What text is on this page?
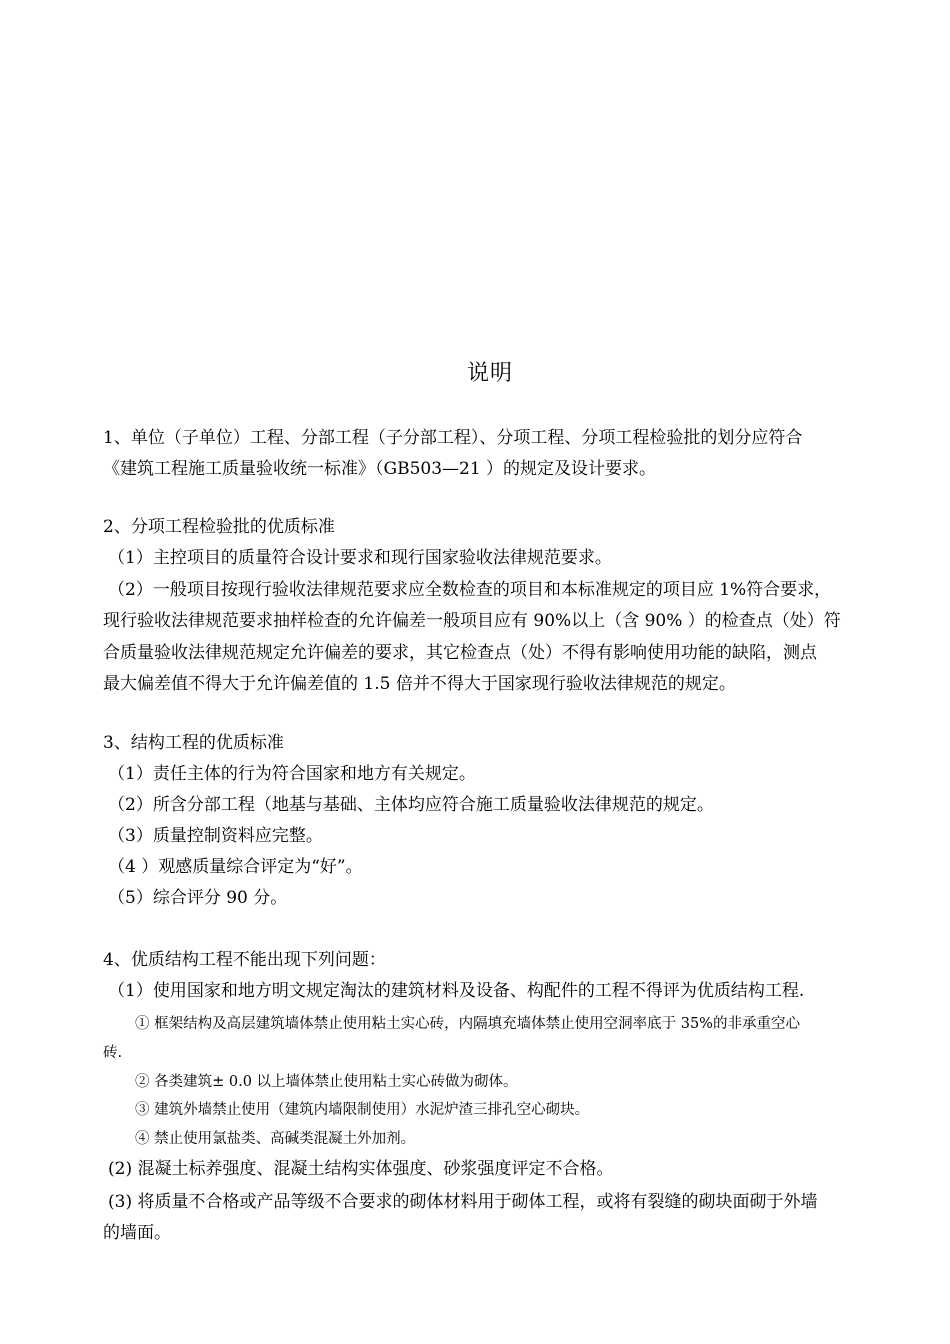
说明
1、单位（子单位）工程、分部工程（子分部工程）、分项工程、分项工程检验批的划分应符合
《建筑工程施工质量验收统一标准》（GB503—21 ）的规定及设计要求。
2、分项工程检验批的优质标准
（1）主控项目的质量符合设计要求和现行国家验收法律规范要求。
（2）一般项目按现行验收法律规范要求应全数检查的项目和本标准规定的项目应 1%符合要求，
现行验收法律规范要求抽样检查的允许偏差一般项目应有 90%以上（含 90% ）的检查点（处）符
合质量验收法律规范规定允许偏差的要求，其它检查点（处）不得有影响使用功能的缺陷，测点
最大偏差值不得大于允许偏差值的 1.5 倍并不得大于国家现行验收法律规范的规定。
3、结构工程的优质标准
（1）责任主体的行为符合国家和地方有关规定。
（2）所含分部工程（地基与基础、主体均应符合施工质量验收法律规范的规定。
（3）质量控制资料应完整。
（4 ）观感质量综合评定为“好”。
（5）综合评分 90 分。
4、优质结构工程不能出现下列问题：
（1）使用国家和地方明文规定淘汰的建筑材料及设备、构配件的工程不得评为优质结构工程.
① 框架结构及高层建筑墙体禁止使用粘土实心砖，内隔填充墙体禁止使用空洞率底于 35%的非承重空心
砖.
② 各类建筑± 0.0 以上墙体禁止使用粘土实心砖做为砌体。
③ 建筑外墙禁止使用（建筑内墙限制使用）水泥炉渣三排孔空心砌块。
④ 禁止使用氯盐类、高碱类混凝土外加剂。
(2) 混凝土标养强度、混凝土结构实体强度、砂浆强度评定不合格。
(3) 将质量不合格或产品等级不合要求的砌体材料用于砌体工程，或将有裂缝的砌块面砌于外墙
的墙面。
